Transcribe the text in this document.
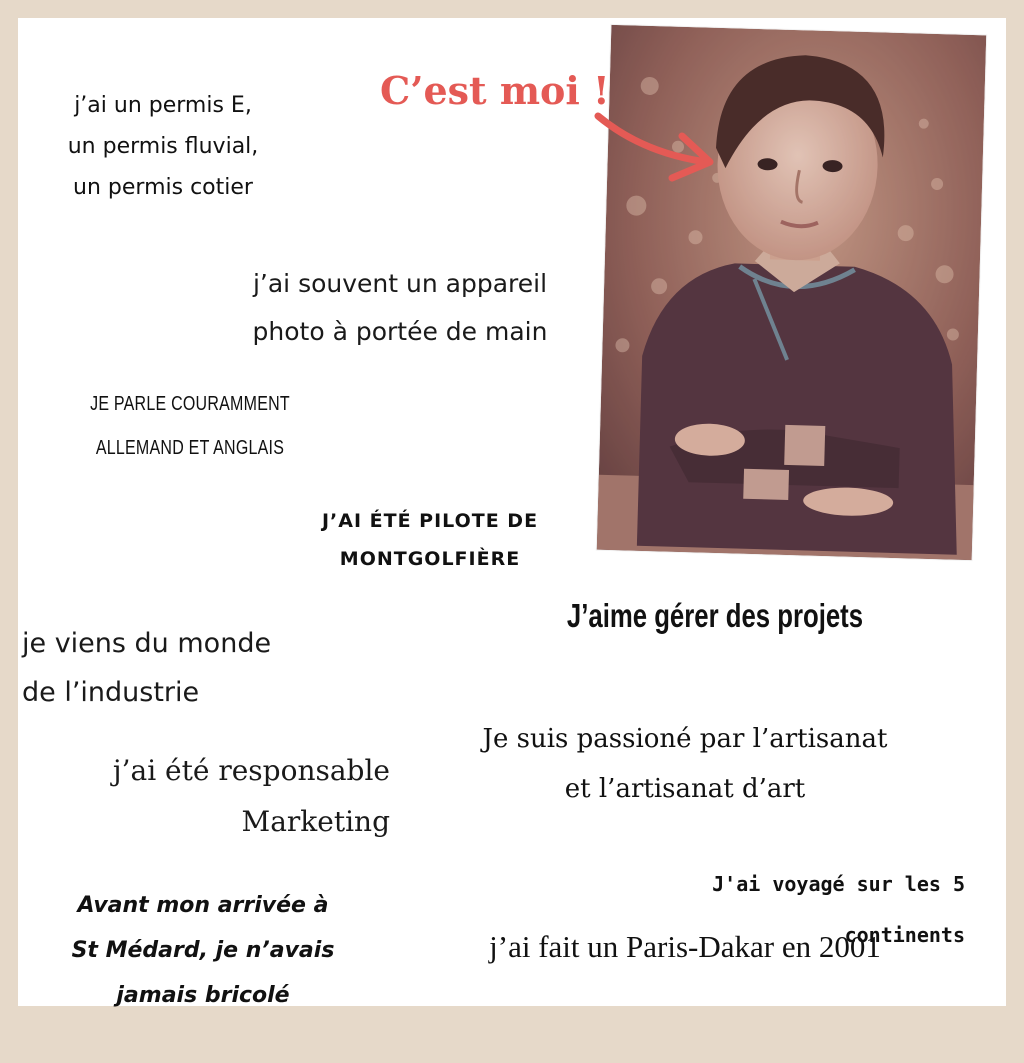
j’ai un permis E,
un permis fluvial,
un permis cotier

j’ai souvent un appareil
photo à portée de main

JE PARLE COURAMMENT
ALLEMAND ET ANGLAIS

J’AI ÉTÉ PILOTE DE
MONTGOLFIÈRE

je viens du monde
de l’industrie

j’ai été responsable
Marketing

Avant mon arrivée à
St Médard, je n’avais
jamais bricolé

J’aime gérer des projets

Je suis passioné par l’artisanat
et l’artisanat d’art

J'ai voyagé sur les 5
continents

j’ai fait un Paris-Dakar en 2001

C’est moi !
